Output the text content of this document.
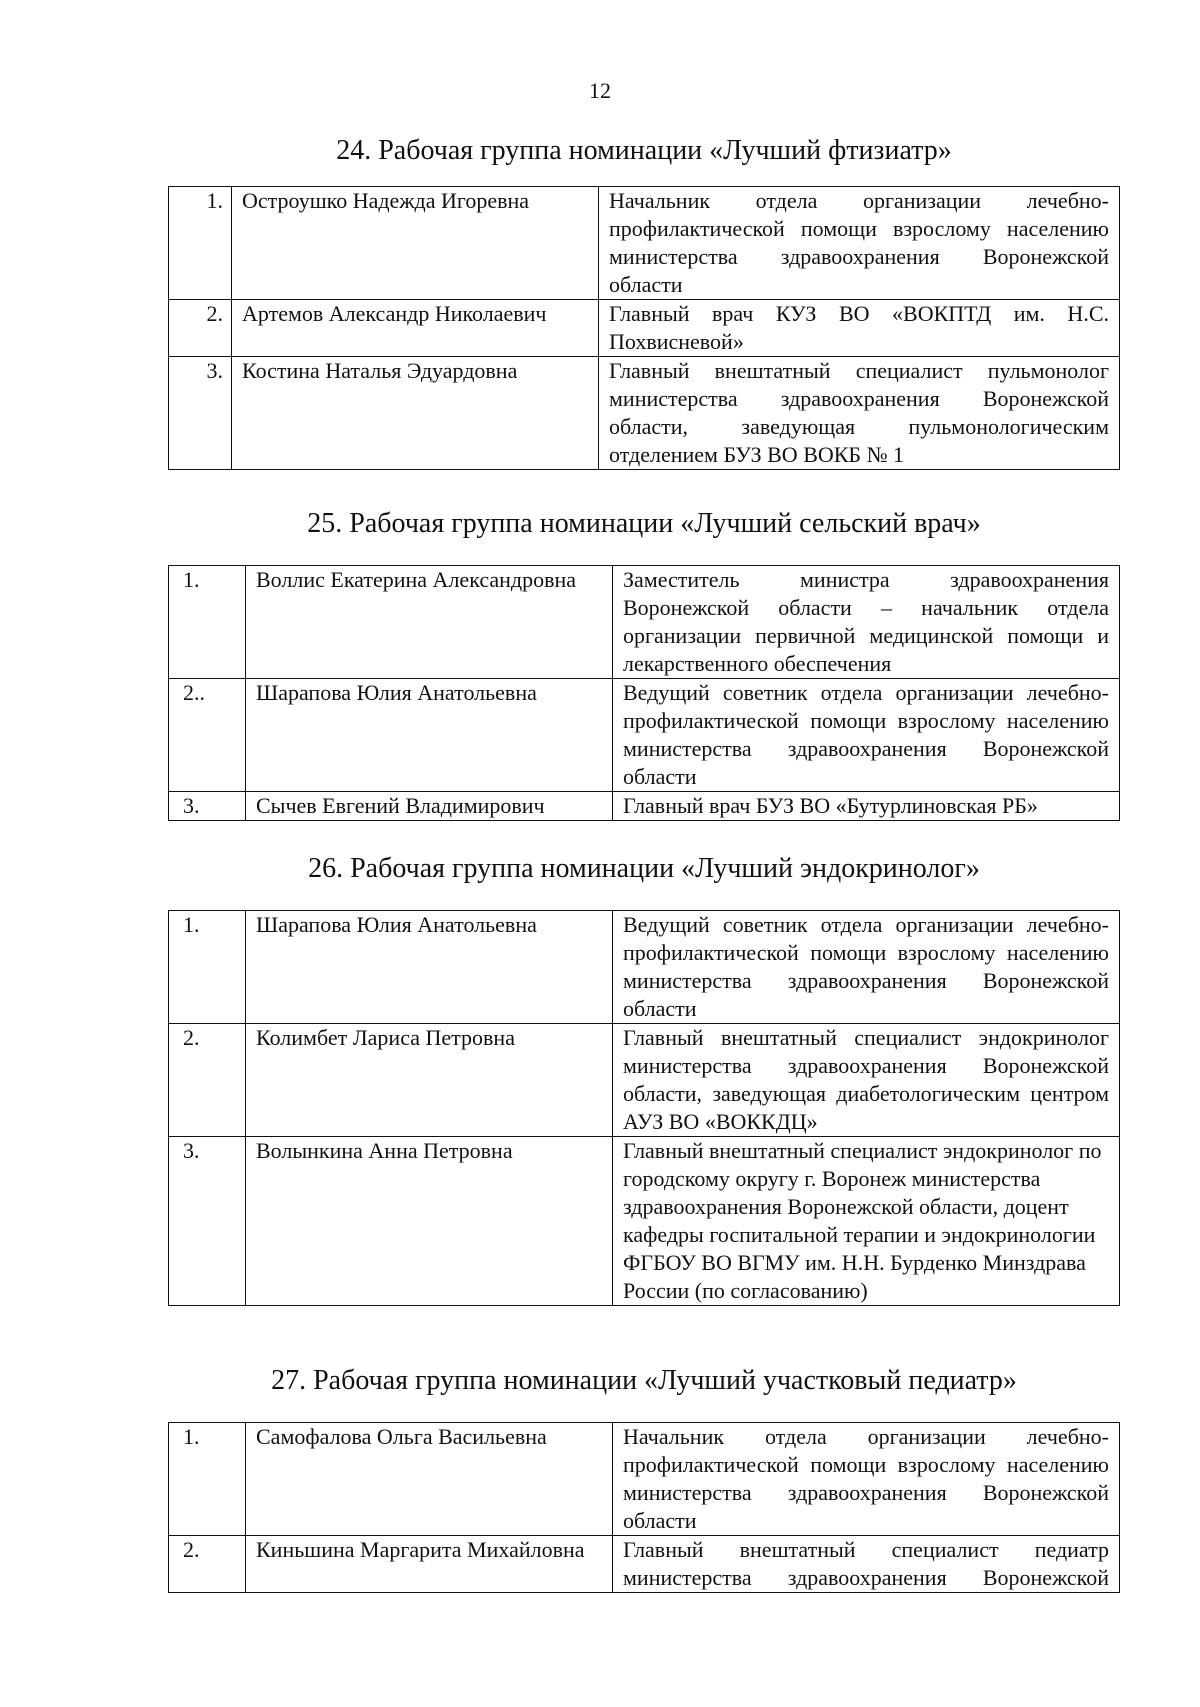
12
24. Рабочая группа номинации «Лучший фтизиатр»
1.	Остроушко Надежда Игоревна	Начальник отдела организации лечебно-профилактической помощи взрослому населению министерства здравоохранения Воронежской области
2.	Артемов Александр Николаевич	Главный врач КУЗ ВО «ВОКПТД им. Н.С. Похвисневой»
3.	Костина Наталья Эдуардовна	Главный внештатный специалист пульмонолог министерства здравоохранения Воронежской области, заведующая пульмонологическим отделением БУЗ ВО ВОКБ № 1
25. Рабочая группа номинации «Лучший сельский врач»
1.	Воллис Екатерина Александровна	Заместитель министра здравоохранения Воронежской области – начальник отдела организации первичной медицинской помощи и лекарственного обеспечения
2..	Шарапова Юлия Анатольевна	Ведущий советник отдела организации лечебно-профилактической помощи взрослому населению министерства здравоохранения Воронежской области
3.	Сычев Евгений Владимирович	Главный врач БУЗ ВО «Бутурлиновская РБ»
26. Рабочая группа номинации «Лучший эндокринолог»
1.	Шарапова Юлия Анатольевна	Ведущий советник отдела организации лечебно-профилактической помощи взрослому населению министерства здравоохранения Воронежской области
2.	Колимбет Лариса Петровна	Главный внештатный специалист эндокринолог министерства здравоохранения Воронежской области, заведующая диабетологическим центром АУЗ ВО «ВОККДЦ»
3.	Волынкина Анна Петровна	Главный внештатный специалист эндокринолог по городскому округу г. Воронеж министерства здравоохранения Воронежской области, доцент кафедры госпитальной терапии и эндокринологии ФГБОУ ВО ВГМУ им. Н.Н. Бурденко Минздрава России (по согласованию)
27. Рабочая группа номинации «Лучший участковый педиатр»
1.	Самофалова Ольга Васильевна	Начальник отдела организации лечебно-профилактической помощи взрослому населению министерства здравоохранения Воронежской области
2.	Киньшина Маргарита Михайловна	Главный внештатный специалист педиатр министерства здравоохранения Воронежской
